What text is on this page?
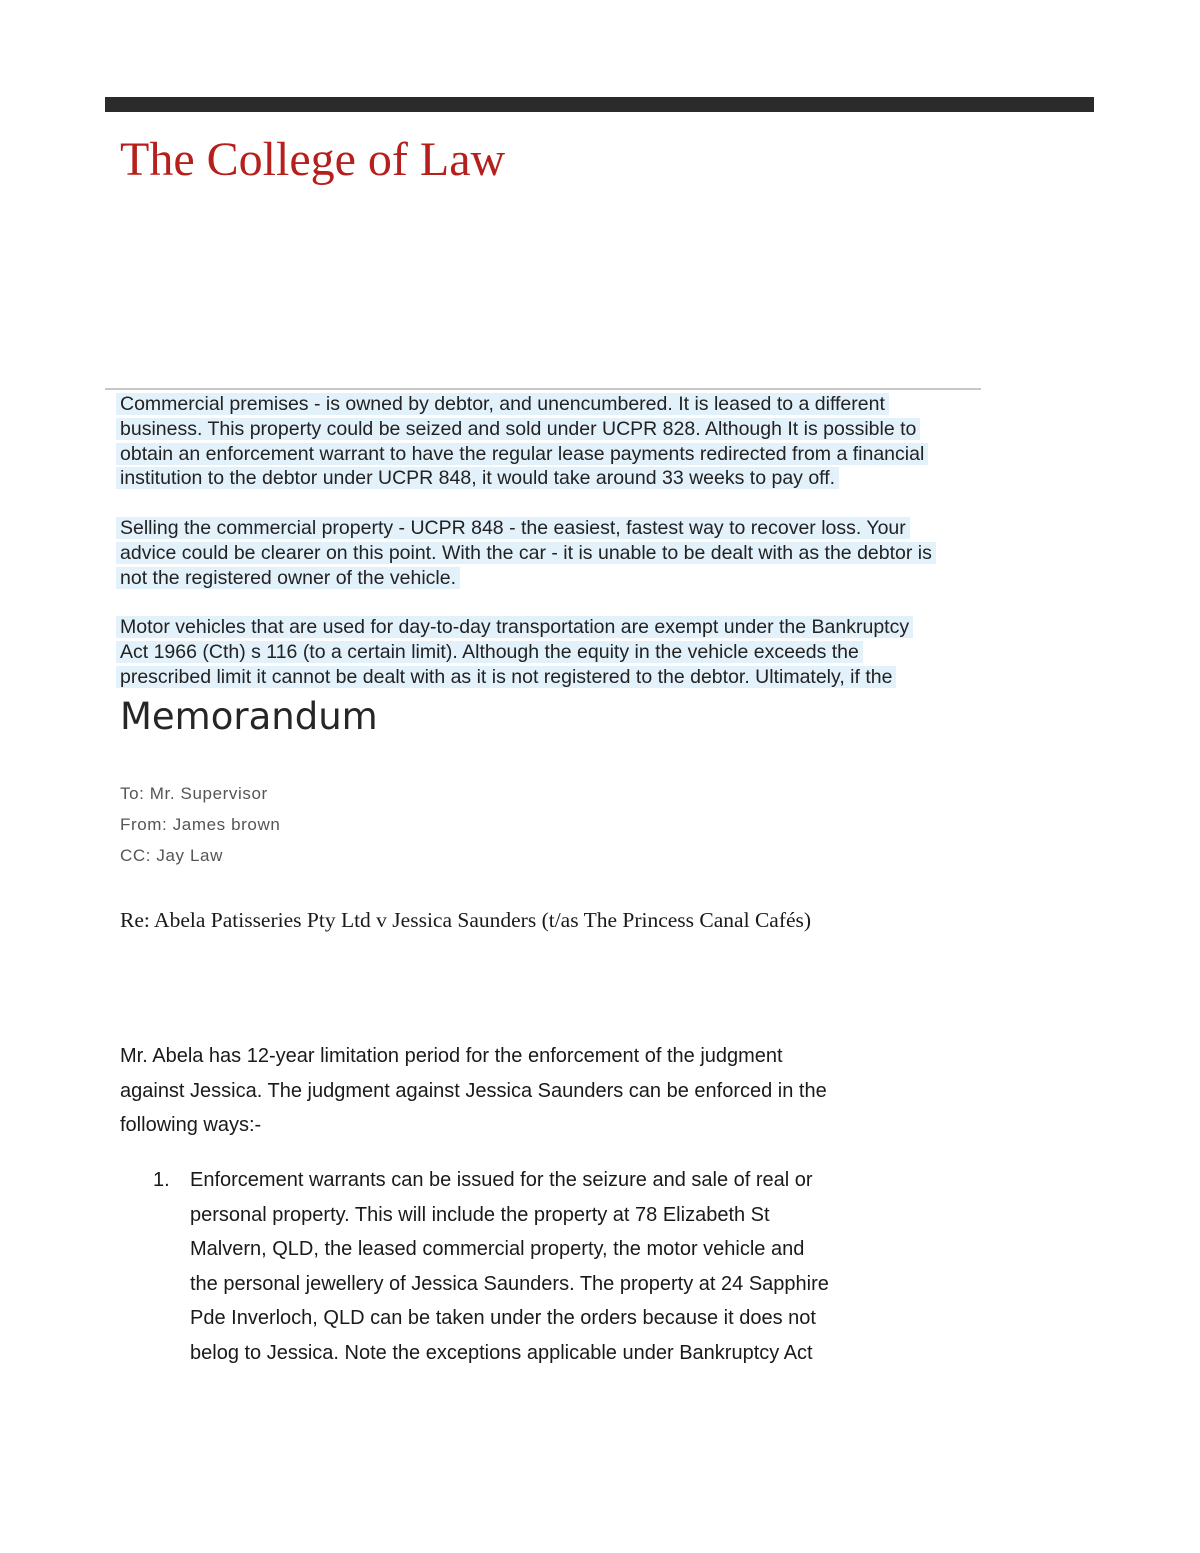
The College of Law

Commercial premises - is owned by debtor, and unencumbered. It is leased to a different
business. This property could be seized and sold under UCPR 828. Although It is possible to
obtain an enforcement warrant to have the regular lease payments redirected from a financial
institution to the debtor under UCPR 848, it would take around 33 weeks to pay off.

Selling the commercial property - UCPR 848 - the easiest, fastest way to recover loss. Your
advice could be clearer on this point. With the car - it is unable to be dealt with as the debtor is
not the registered owner of the vehicle.

Motor vehicles that are used for day-to-day transportation are exempt under the Bankruptcy
Act 1966 (Cth) s 116 (to a certain limit). Although the equity in the vehicle exceeds the
prescribed limit it cannot be dealt with as it is not registered to the debtor. Ultimately, if the

Memorandum
To: Mr. Supervisor
From: James brown
CC: Jay Law
Re: Abela Patisseries Pty Ltd v Jessica Saunders (t/as The Princess Canal Cafés)

Mr. Abela has 12-year limitation period for the enforcement of the judgment

against Jessica. The judgment against Jessica Saunders can be enforced in the

following ways:-

1. Enforcement warrants can be issued for the seizure and sale of real or
personal property. This will include the property at 78 Elizabeth St
Malvern, QLD, the leased commercial property, the motor vehicle and
the personal jewellery of Jessica Saunders. The property at 24 Sapphire
Pde Inverloch, QLD can be taken under the orders because it does not
belog to Jessica. Note the exceptions applicable under Bankruptcy Act
